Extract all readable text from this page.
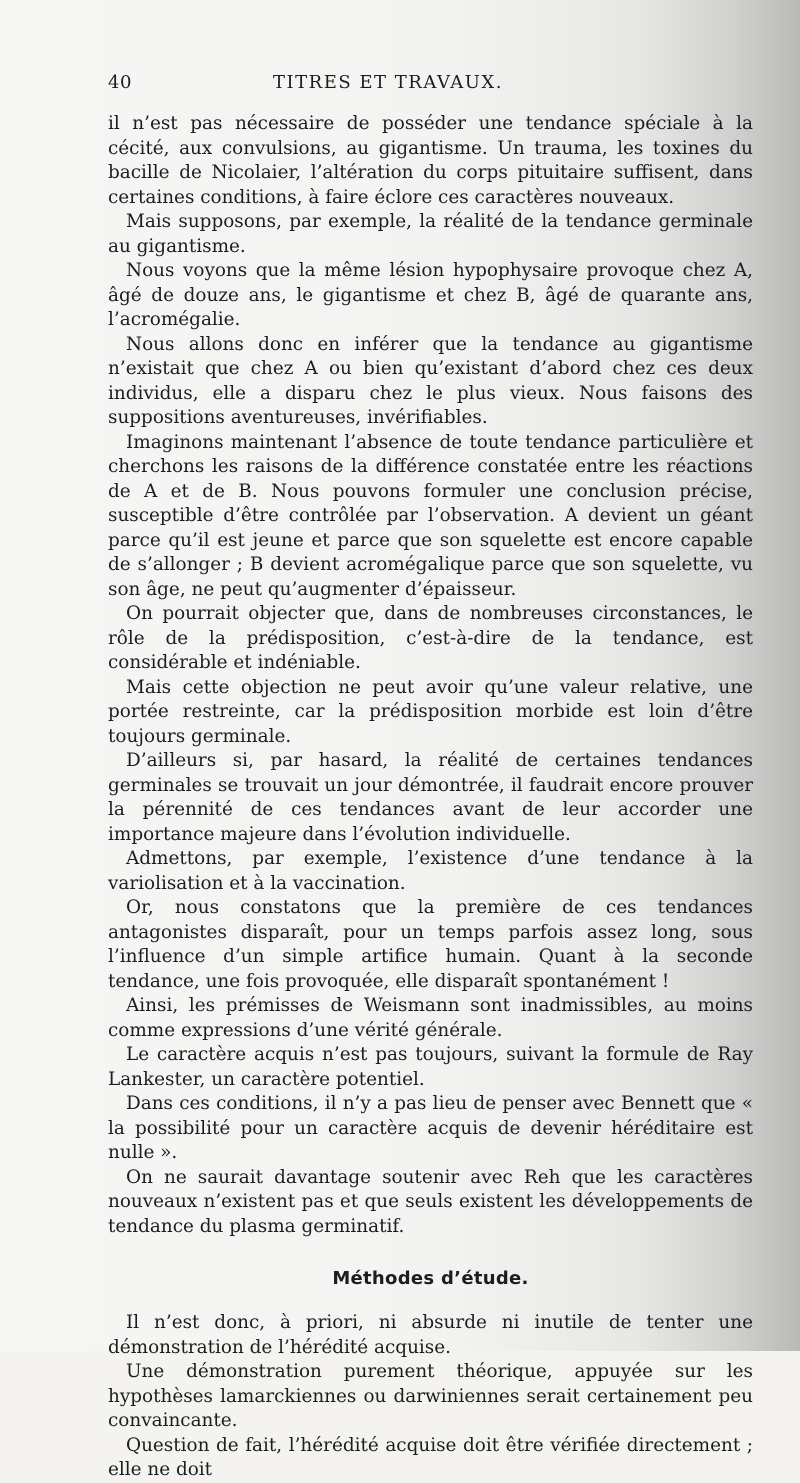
40	TITRES ET TRAVAUX.

il n’est pas nécessaire de posséder une tendance spéciale à la cécité, aux convulsions, au gigantisme. Un trauma, les toxines du bacille de Nicolaier, l’altération du corps pituitaire suffisent, dans certaines conditions, à faire éclore ces caractères nouveaux.

Mais supposons, par exemple, la réalité de la tendance germinale au gigantisme.

Nous voyons que la même lésion hypophysaire provoque chez A, âgé de douze ans, le gigantisme et chez B, âgé de quarante ans, l’acromégalie.

Nous allons donc en inférer que la tendance au gigantisme n’existait que chez A ou bien qu’existant d’abord chez ces deux individus, elle a disparu chez le plus vieux. Nous faisons des suppositions aventureuses, invérifiables.

Imaginons maintenant l’absence de toute tendance particulière et cherchons les raisons de la différence constatée entre les réactions de A et de B. Nous pouvons formuler une conclusion précise, susceptible d’être contrôlée par l’observation. A devient un géant parce qu’il est jeune et parce que son squelette est encore capable de s’allonger ; B devient acromégalique parce que son squelette, vu son âge, ne peut qu’augmenter d’épaisseur.

On pourrait objecter que, dans de nombreuses circonstances, le rôle de la prédisposition, c’est-à-dire de la tendance, est considérable et indéniable.

Mais cette objection ne peut avoir qu’une valeur relative, une portée restreinte, car la prédisposition morbide est loin d’être toujours germinale.

D’ailleurs si, par hasard, la réalité de certaines tendances germinales se trouvait un jour démontrée, il faudrait encore prouver la pérennité de ces tendances avant de leur accorder une importance majeure dans l’évolution individuelle.

Admettons, par exemple, l’existence d’une tendance à la variolisation et à la vaccination.

Or, nous constatons que la première de ces tendances antagonistes disparaît, pour un temps parfois assez long, sous l’influence d’un simple artifice humain. Quant à la seconde tendance, une fois provoquée, elle disparaît spontanément !

Ainsi, les prémisses de Weismann sont inadmissibles, au moins comme expressions d’une vérité générale.

Le caractère acquis n’est pas toujours, suivant la formule de Ray Lankester, un caractère potentiel.

Dans ces conditions, il n’y a pas lieu de penser avec Bennett que « la possibilité pour un caractère acquis de devenir héréditaire est nulle ».

On ne saurait davantage soutenir avec Reh que les caractères nouveaux n’existent pas et que seuls existent les développements de tendance du plasma germinatif.

Méthodes d’étude.

Il n’est donc, à priori, ni absurde ni inutile de tenter une démonstration de l’hérédité acquise.

Une démonstration purement théorique, appuyée sur les hypothèses lamarckiennes ou darwiniennes serait certainement peu convaincante.

Question de fait, l’hérédité acquise doit être vérifiée directement ; elle ne doit
